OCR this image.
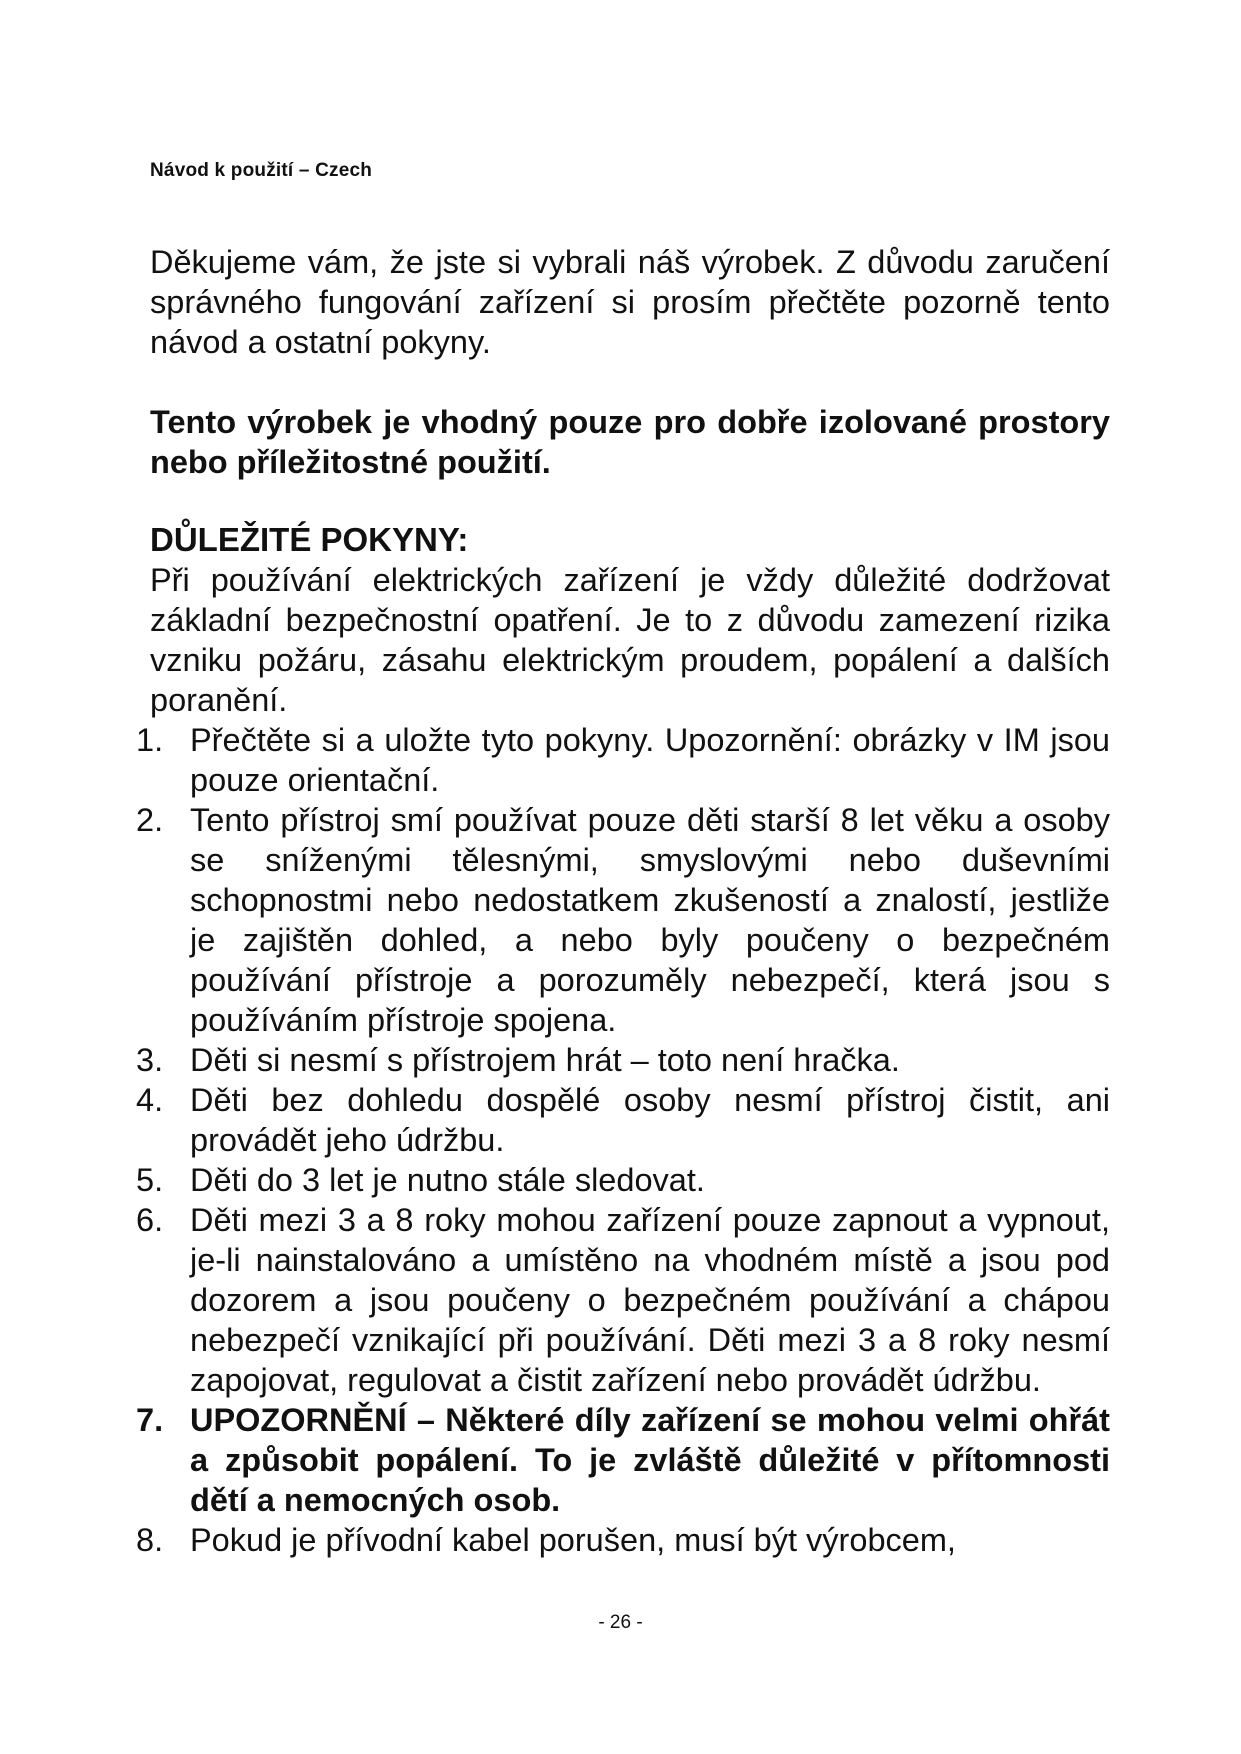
Návod k použití – Czech

Děkujeme vám, že jste si vybrali náš výrobek. Z důvodu zaručení správného fungování zařízení si prosím přečtěte pozorně tento návod a ostatní pokyny.

Tento výrobek je vhodný pouze pro dobře izolované prostory nebo příležitostné použití.

DŮLEŽITÉ POKYNY:

Při používání elektrických zařízení je vždy důležité dodržovat základní bezpečnostní opatření. Je to z důvodu zamezení rizika vzniku požáru, zásahu elektrickým proudem, popálení a dalších poranění.

1. Přečtěte si a uložte tyto pokyny. Upozornění: obrázky v IM jsou pouze orientační.
2. Tento přístroj smí používat pouze děti starší 8 let věku a osoby se sníženými tělesnými, smyslovými nebo duševními schopnostmi nebo nedostatkem zkušeností a znalostí, jestliže je zajištěn dohled, a nebo byly poučeny o bezpečném používání přístroje a porozuměly nebezpečí, která jsou s používáním přístroje spojena.
3. Děti si nesmí s přístrojem hrát – toto není hračka.
4. Děti bez dohledu dospělé osoby nesmí přístroj čistit, ani provádět jeho údržbu.
5. Děti do 3 let je nutno stále sledovat.
6. Děti mezi 3 a 8 roky mohou zařízení pouze zapnout a vypnout, je-li nainstalováno a umístěno na vhodném místě a jsou pod dozorem a jsou poučeny o bezpečném používání a chápou nebezpečí vznikající při používání. Děti mezi 3 a 8 roky nesmí zapojovat, regulovat a čistit zařízení nebo provádět údržbu.
7. UPOZORNĚNÍ – Některé díly zařízení se mohou velmi ohřát a způsobit popálení. To je zvláště důležité v přítomnosti dětí a nemocných osob.
8. Pokud je přívodní kabel porušen, musí být výrobcem,
- 26 -
